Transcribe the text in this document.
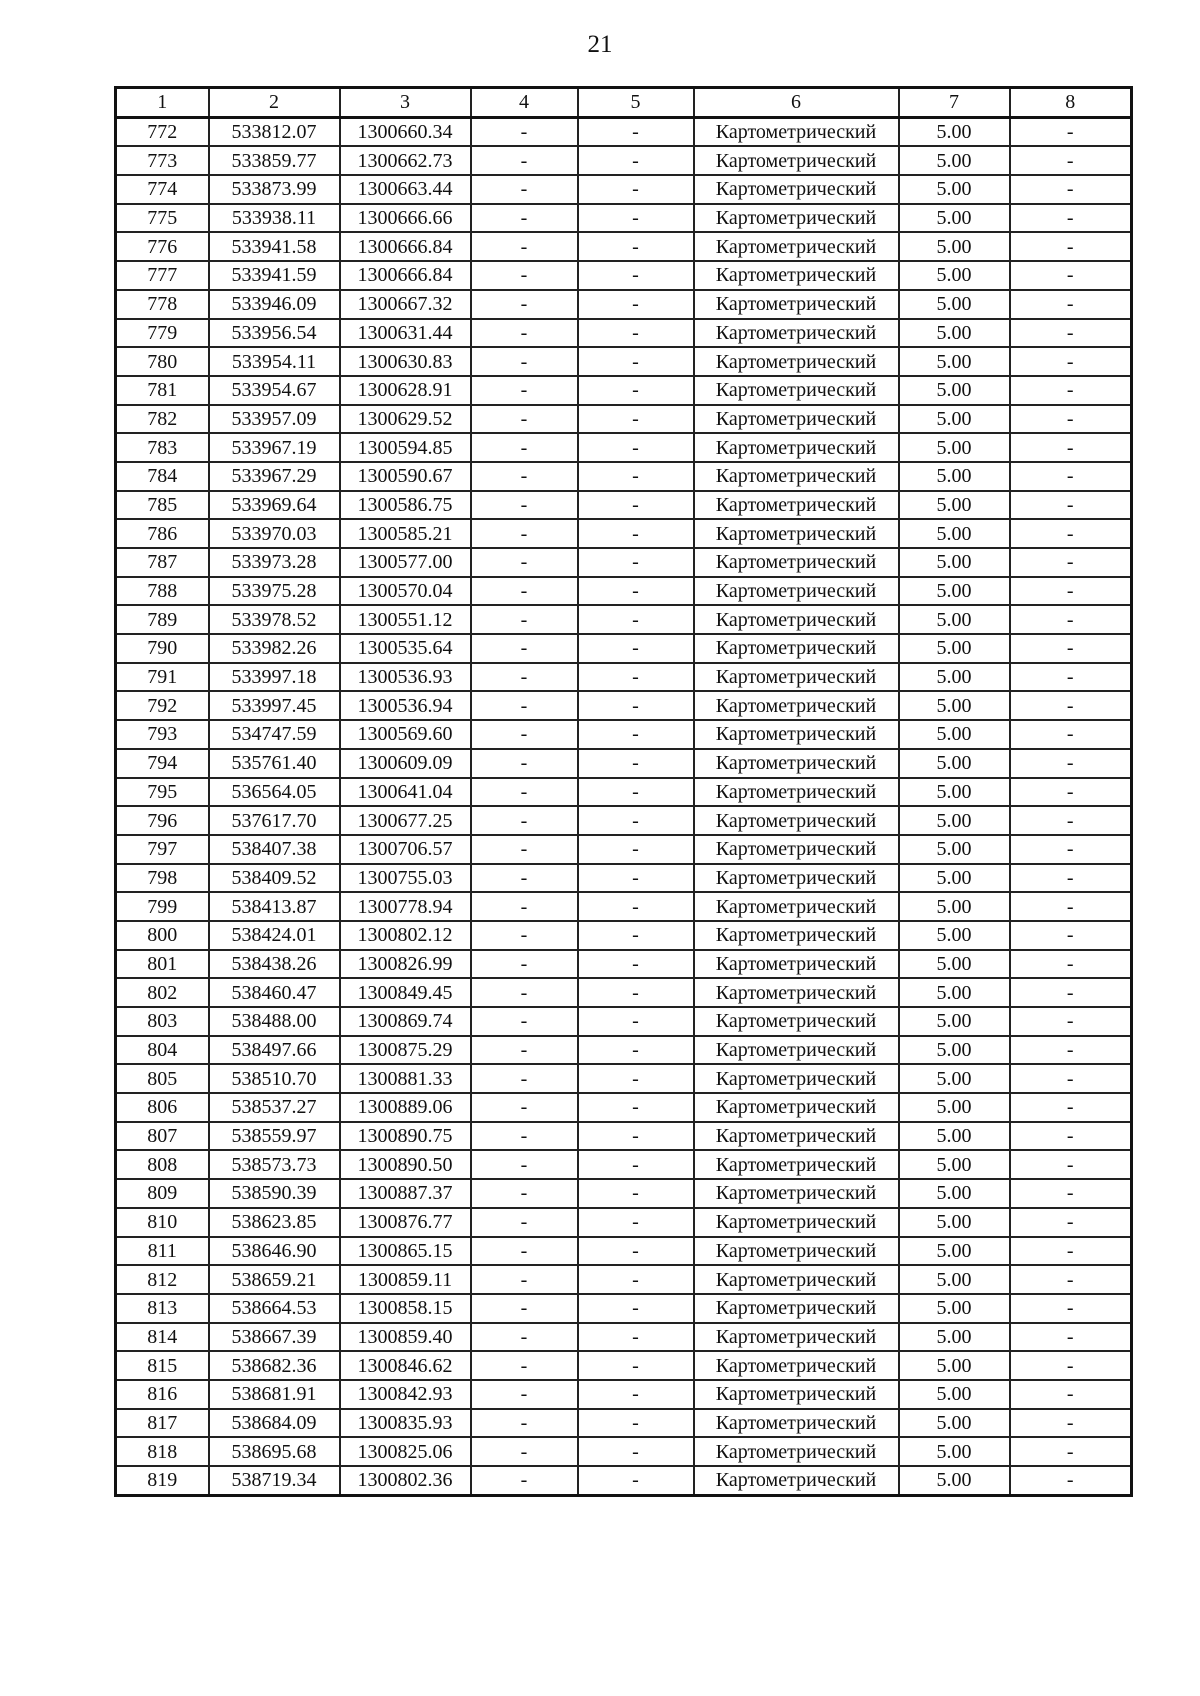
21
1	2	3	4	5	6	7	8
772	533812.07	1300660.34	-	-	Картометрический	5.00	-
773	533859.77	1300662.73	-	-	Картометрический	5.00	-
774	533873.99	1300663.44	-	-	Картометрический	5.00	-
775	533938.11	1300666.66	-	-	Картометрический	5.00	-
776	533941.58	1300666.84	-	-	Картометрический	5.00	-
777	533941.59	1300666.84	-	-	Картометрический	5.00	-
778	533946.09	1300667.32	-	-	Картометрический	5.00	-
779	533956.54	1300631.44	-	-	Картометрический	5.00	-
780	533954.11	1300630.83	-	-	Картометрический	5.00	-
781	533954.67	1300628.91	-	-	Картометрический	5.00	-
782	533957.09	1300629.52	-	-	Картометрический	5.00	-
783	533967.19	1300594.85	-	-	Картометрический	5.00	-
784	533967.29	1300590.67	-	-	Картометрический	5.00	-
785	533969.64	1300586.75	-	-	Картометрический	5.00	-
786	533970.03	1300585.21	-	-	Картометрический	5.00	-
787	533973.28	1300577.00	-	-	Картометрический	5.00	-
788	533975.28	1300570.04	-	-	Картометрический	5.00	-
789	533978.52	1300551.12	-	-	Картометрический	5.00	-
790	533982.26	1300535.64	-	-	Картометрический	5.00	-
791	533997.18	1300536.93	-	-	Картометрический	5.00	-
792	533997.45	1300536.94	-	-	Картометрический	5.00	-
793	534747.59	1300569.60	-	-	Картометрический	5.00	-
794	535761.40	1300609.09	-	-	Картометрический	5.00	-
795	536564.05	1300641.04	-	-	Картометрический	5.00	-
796	537617.70	1300677.25	-	-	Картометрический	5.00	-
797	538407.38	1300706.57	-	-	Картометрический	5.00	-
798	538409.52	1300755.03	-	-	Картометрический	5.00	-
799	538413.87	1300778.94	-	-	Картометрический	5.00	-
800	538424.01	1300802.12	-	-	Картометрический	5.00	-
801	538438.26	1300826.99	-	-	Картометрический	5.00	-
802	538460.47	1300849.45	-	-	Картометрический	5.00	-
803	538488.00	1300869.74	-	-	Картометрический	5.00	-
804	538497.66	1300875.29	-	-	Картометрический	5.00	-
805	538510.70	1300881.33	-	-	Картометрический	5.00	-
806	538537.27	1300889.06	-	-	Картометрический	5.00	-
807	538559.97	1300890.75	-	-	Картометрический	5.00	-
808	538573.73	1300890.50	-	-	Картометрический	5.00	-
809	538590.39	1300887.37	-	-	Картометрический	5.00	-
810	538623.85	1300876.77	-	-	Картометрический	5.00	-
811	538646.90	1300865.15	-	-	Картометрический	5.00	-
812	538659.21	1300859.11	-	-	Картометрический	5.00	-
813	538664.53	1300858.15	-	-	Картометрический	5.00	-
814	538667.39	1300859.40	-	-	Картометрический	5.00	-
815	538682.36	1300846.62	-	-	Картометрический	5.00	-
816	538681.91	1300842.93	-	-	Картометрический	5.00	-
817	538684.09	1300835.93	-	-	Картометрический	5.00	-
818	538695.68	1300825.06	-	-	Картометрический	5.00	-
819	538719.34	1300802.36	-	-	Картометрический	5.00	-
